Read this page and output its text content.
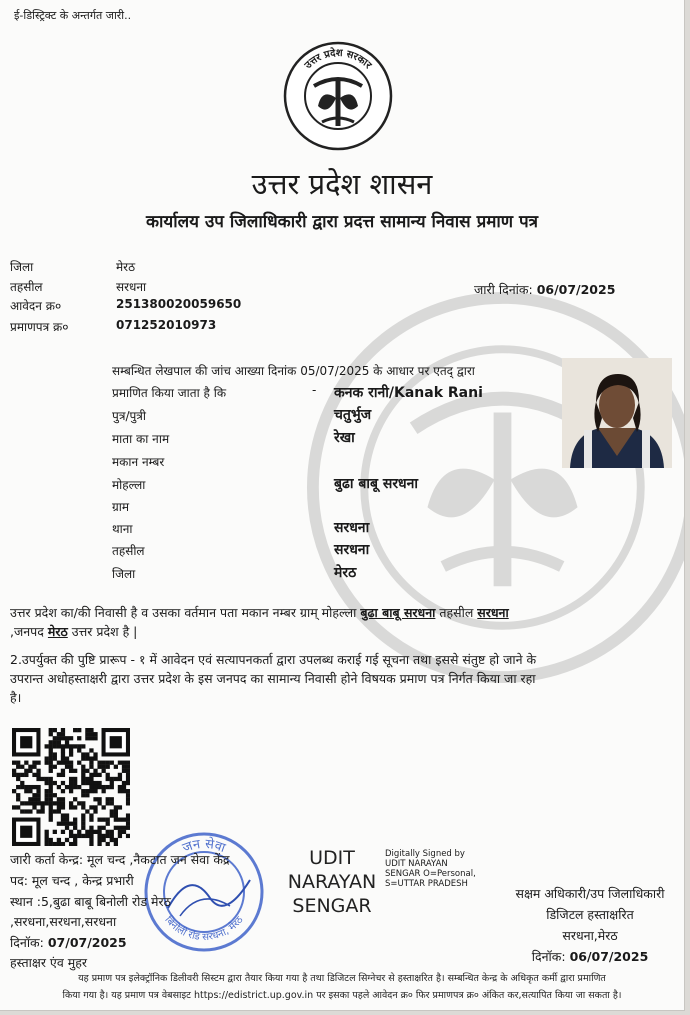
ई-डिस्ट्रिक्ट के अन्तर्गत जारी..
उत्तर प्रदेश सरकार
उत्तर प्रदेश शासन
कार्यालय उप जिलाधिकारी द्वारा प्रदत्त सामान्य निवास प्रमाण पत्र
जिला	मेरठ
तहसील	सरधना
आवेदन क्र०	251380020059650
प्रमाणपत्र क्र०	071252010973
जारी दिनांक: 06/07/2025
सम्बन्धित लेखपाल की जांच आख्या दिनांक 05/07/2025 के आधार पर एतद् द्वारा
प्रमाणित किया जाता है कि	- कनक रानी/Kanak Rani
पुत्र/पुत्री	चतुर्भुज
माता का नाम	रेखा
मकान नम्बर
मोहल्ला	बुढा बाबू सरधना
ग्राम
थाना	सरधना
तहसील	सरधना
जिला	मेरठ
उत्तर प्रदेश का/की निवासी है व उसका वर्तमान पता मकान नम्बर ग्राम् मोहल्ला बुढा बाबू सरधना तहसील सरधना
,जनपद मेरठ उत्तर प्रदेश है |
2.उपर्युक्त की पुष्टि प्रारूप - १ में आवेदन एवं सत्यापनकर्ता द्वारा उपलब्ध कराई गई सूचना तथा इससे संतुष्ट हो जाने के
उपरान्त अधोहस्ताक्षरी द्वारा उत्तर प्रदेश के इस जनपद का सामान्य निवासी होने विषयक प्रमाण पत्र निर्गत किया जा रहा
है।
जन सेवा
बिनोली रोड सरधना, मेरठ
जारी कर्ता केन्द्र: मूल चन्द ,नैकटात जन सेवा केंद्र
पद: मूल चन्द , केन्द्र प्रभारी
स्थान :5,बुढा बाबू बिनोली रोड मेरठ
,सरधना,सरधना,सरधना
दिनॉक: 07/07/2025
हस्ताक्षर एंव मुहर
UDIT
NARAYAN
SENGAR
Digitally Signed by
UDIT NARAYAN
SENGAR O=Personal,
S=UTTAR PRADESH
सक्षम अधिकारी/उप जिलाधिकारी
डिजिटल हस्ताक्षरित
सरधना,मेरठ
दिनॉक: 06/07/2025
यह प्रमाण पत्र इलेक्ट्रॉनिक डिलीवरी सिस्टम द्वारा तैयार किया गया है तथा डिजिटल सिग्नेचर से हस्ताक्षरित है। सम्बन्धित केन्द्र के अधिकृत कर्मी द्वारा प्रमाणित
किया गया है। यह प्रमाण पत्र वेबसाइट https://edistrict.up.gov.in पर इसका पहले आवेदन क्र० फिर प्रमाणपत्र क्र० अंकित कर,सत्यापित किया जा सकता है।
